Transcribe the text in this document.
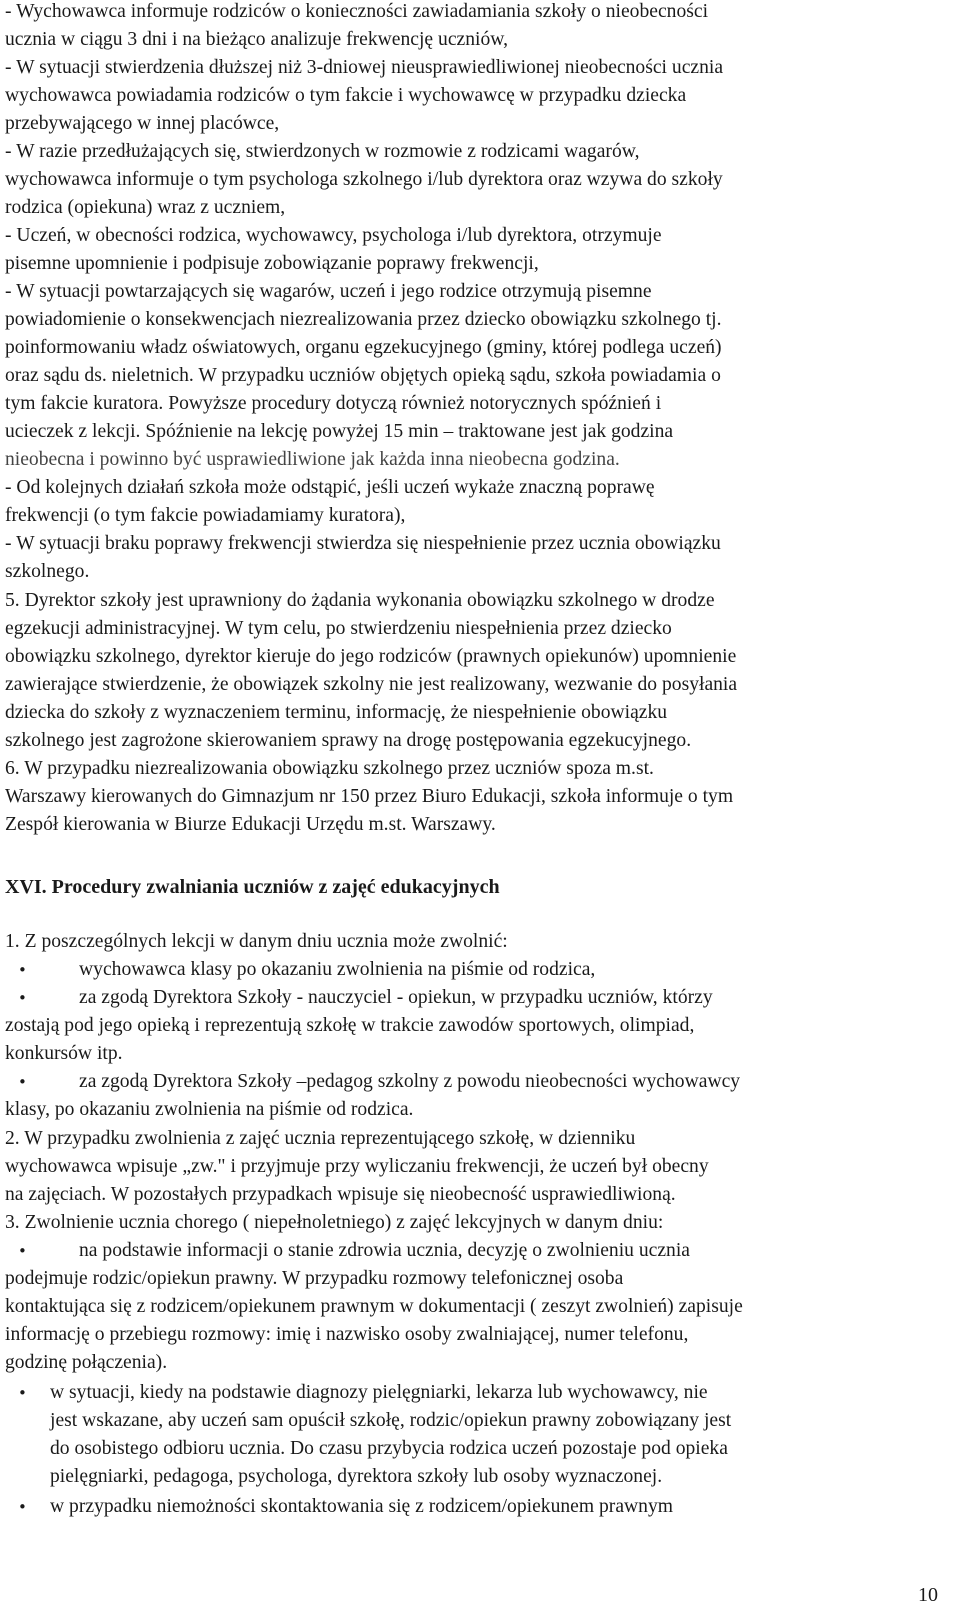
- Wychowawca informuje rodziców o konieczności zawiadamiania szkoły o nieobecności
ucznia w ciągu 3 dni i na bieżąco analizuje frekwencję uczniów,
- W sytuacji stwierdzenia dłuższej niż 3-dniowej nieusprawiedliwionej nieobecności ucznia
wychowawca powiadamia rodziców o tym fakcie i wychowawcę w przypadku dziecka
przebywającego w innej placówce,
- W razie przedłużających się, stwierdzonych w rozmowie z rodzicami wagarów,
wychowawca informuje o tym psychologa szkolnego i/lub dyrektora oraz wzywa do szkoły
rodzica (opiekuna) wraz z uczniem,
- Uczeń, w obecności rodzica, wychowawcy, psychologa i/lub dyrektora, otrzymuje
pisemne upomnienie i podpisuje zobowiązanie poprawy frekwencji,
- W sytuacji powtarzających się wagarów, uczeń i jego rodzice otrzymują pisemne
powiadomienie o konsekwencjach niezrealizowania przez dziecko obowiązku szkolnego tj.
poinformowaniu władz oświatowych, organu egzekucyjnego (gminy, której podlega uczeń)
oraz sądu ds. nieletnich. W przypadku uczniów objętych opieką sądu, szkoła powiadamia o
tym fakcie kuratora. Powyższe procedury dotyczą również notorycznych spóźnień i
ucieczek z lekcji. Spóźnienie na lekcję powyżej 15 min – traktowane jest jak godzina
nieobecna i powinno być usprawiedliwione jak każda inna nieobecna godzina.
- Od kolejnych działań szkoła może odstąpić, jeśli uczeń wykaże znaczną poprawę
frekwencji (o tym fakcie powiadamiamy kuratora),
- W sytuacji braku poprawy frekwencji stwierdza się niespełnienie przez ucznia obowiązku
szkolnego.
5. Dyrektor szkoły jest uprawniony do żądania wykonania obowiązku szkolnego w drodze
egzekucji administracyjnej. W tym celu, po stwierdzeniu niespełnienia przez dziecko
obowiązku szkolnego, dyrektor kieruje do jego rodziców (prawnych opiekunów) upomnienie
zawierające stwierdzenie, że obowiązek szkolny nie jest realizowany, wezwanie do posyłania
dziecka do szkoły z wyznaczeniem terminu, informację, że niespełnienie obowiązku
szkolnego jest zagrożone skierowaniem sprawy na drogę postępowania egzekucyjnego.
6. W przypadku niezrealizowania obowiązku szkolnego przez uczniów spoza m.st.
Warszawy kierowanych do Gimnazjum nr 150 przez Biuro Edukacji, szkoła informuje o tym
Zespół kierowania w Biurze Edukacji Urzędu m.st. Warszawy.
XVI. Procedury zwalniania uczniów z zajęć edukacyjnych
1. Z poszczególnych lekcji w danym dniu ucznia może zwolnić:
•	wychowawca klasy po okazaniu zwolnienia na piśmie od rodzica,
•	za zgodą Dyrektora Szkoły - nauczyciel - opiekun, w przypadku uczniów, którzy
zostają pod jego opieką i reprezentują szkołę w trakcie zawodów sportowych, olimpiad,
konkursów itp.
•	za zgodą Dyrektora Szkoły –pedagog szkolny z powodu nieobecności wychowawcy
klasy, po okazaniu zwolnienia na piśmie od rodzica.
2. W przypadku zwolnienia z zajęć ucznia reprezentującego szkołę, w dzienniku
wychowawca wpisuje „zw." i przyjmuje przy wyliczaniu frekwencji, że uczeń był obecny
na zajęciach. W pozostałych przypadkach wpisuje się nieobecność usprawiedliwioną.
3. Zwolnienie ucznia chorego ( niepełnoletniego) z zajęć lekcyjnych w danym dniu:
•	na podstawie informacji o stanie zdrowia ucznia, decyzję o zwolnieniu ucznia
podejmuje rodzic/opiekun prawny. W przypadku rozmowy telefonicznej osoba
kontaktująca się z rodzicem/opiekunem prawnym w dokumentacji ( zeszyt zwolnień) zapisuje
informację o przebiegu rozmowy: imię i nazwisko osoby zwalniającej, numer telefonu,
godzinę połączenia).
• w sytuacji, kiedy na podstawie diagnozy pielęgniarki, lekarza lub wychowawcy, nie
jest wskazane, aby uczeń sam opuścił szkołę, rodzic/opiekun prawny zobowiązany jest
do osobistego odbioru ucznia. Do czasu przybycia rodzica uczeń pozostaje pod opieka
pielęgniarki, pedagoga, psychologa, dyrektora szkoły lub osoby wyznaczonej.
• w przypadku niemożności skontaktowania się z rodzicem/opiekunem prawnym
10
